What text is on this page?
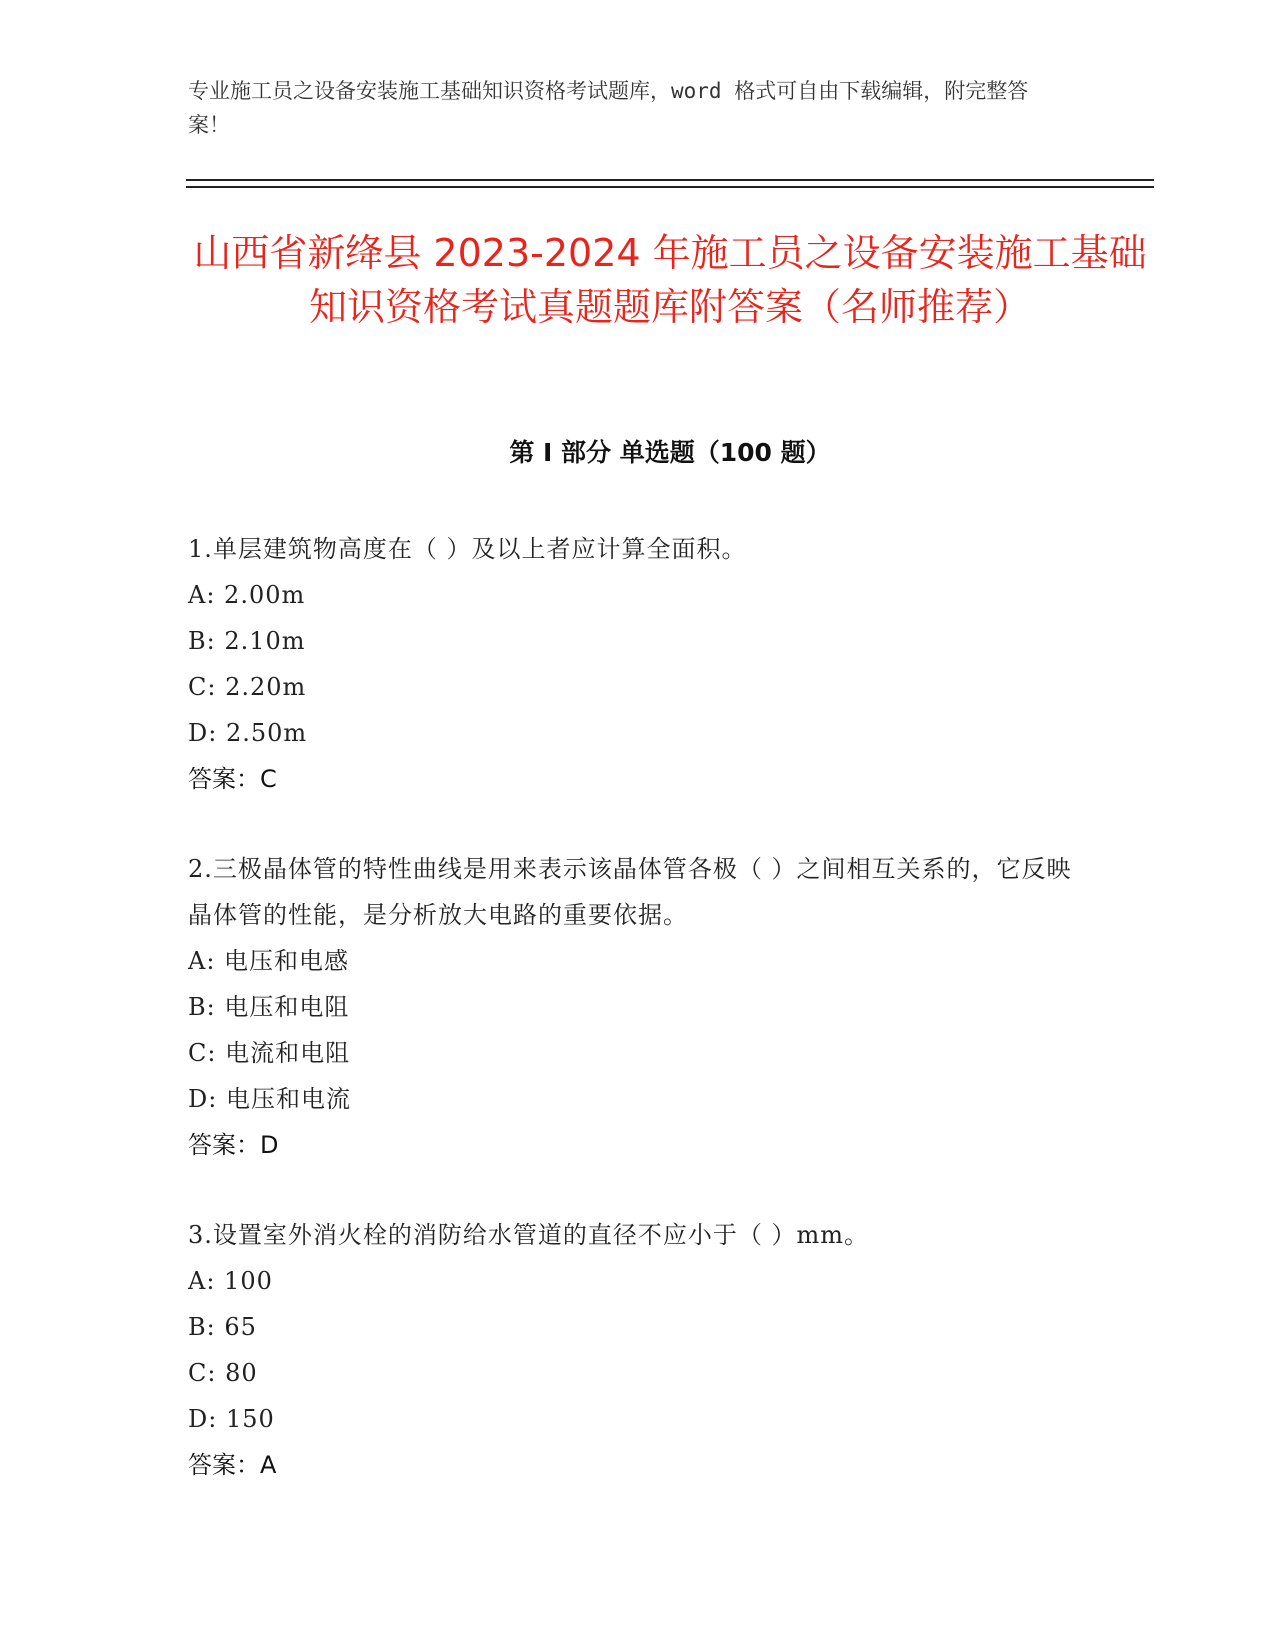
专业施工员之设备安装施工基础知识资格考试题库，word 格式可自由下载编辑，附完整答案！
山西省新绛县 2023-2024 年施工员之设备安装施工基础知识资格考试真题题库附答案（名师推荐）
第 I 部分 单选题（100 题）

1.单层建筑物高度在（ ）及以上者应计算全面积。

A: 2.00m

B: 2.10m

C: 2.20m

D: 2.50m

答案：C

2.三极晶体管的特性曲线是用来表示该晶体管各极（ ）之间相互关系的，它反映晶体管的性能，是分析放大电路的重要依据。

A: 电压和电感

B: 电压和电阻

C: 电流和电阻

D: 电压和电流

答案：D

3.设置室外消火栓的消防给水管道的直径不应小于（ ）mm。

A: 100

B: 65

C: 80

D: 150

答案：A
